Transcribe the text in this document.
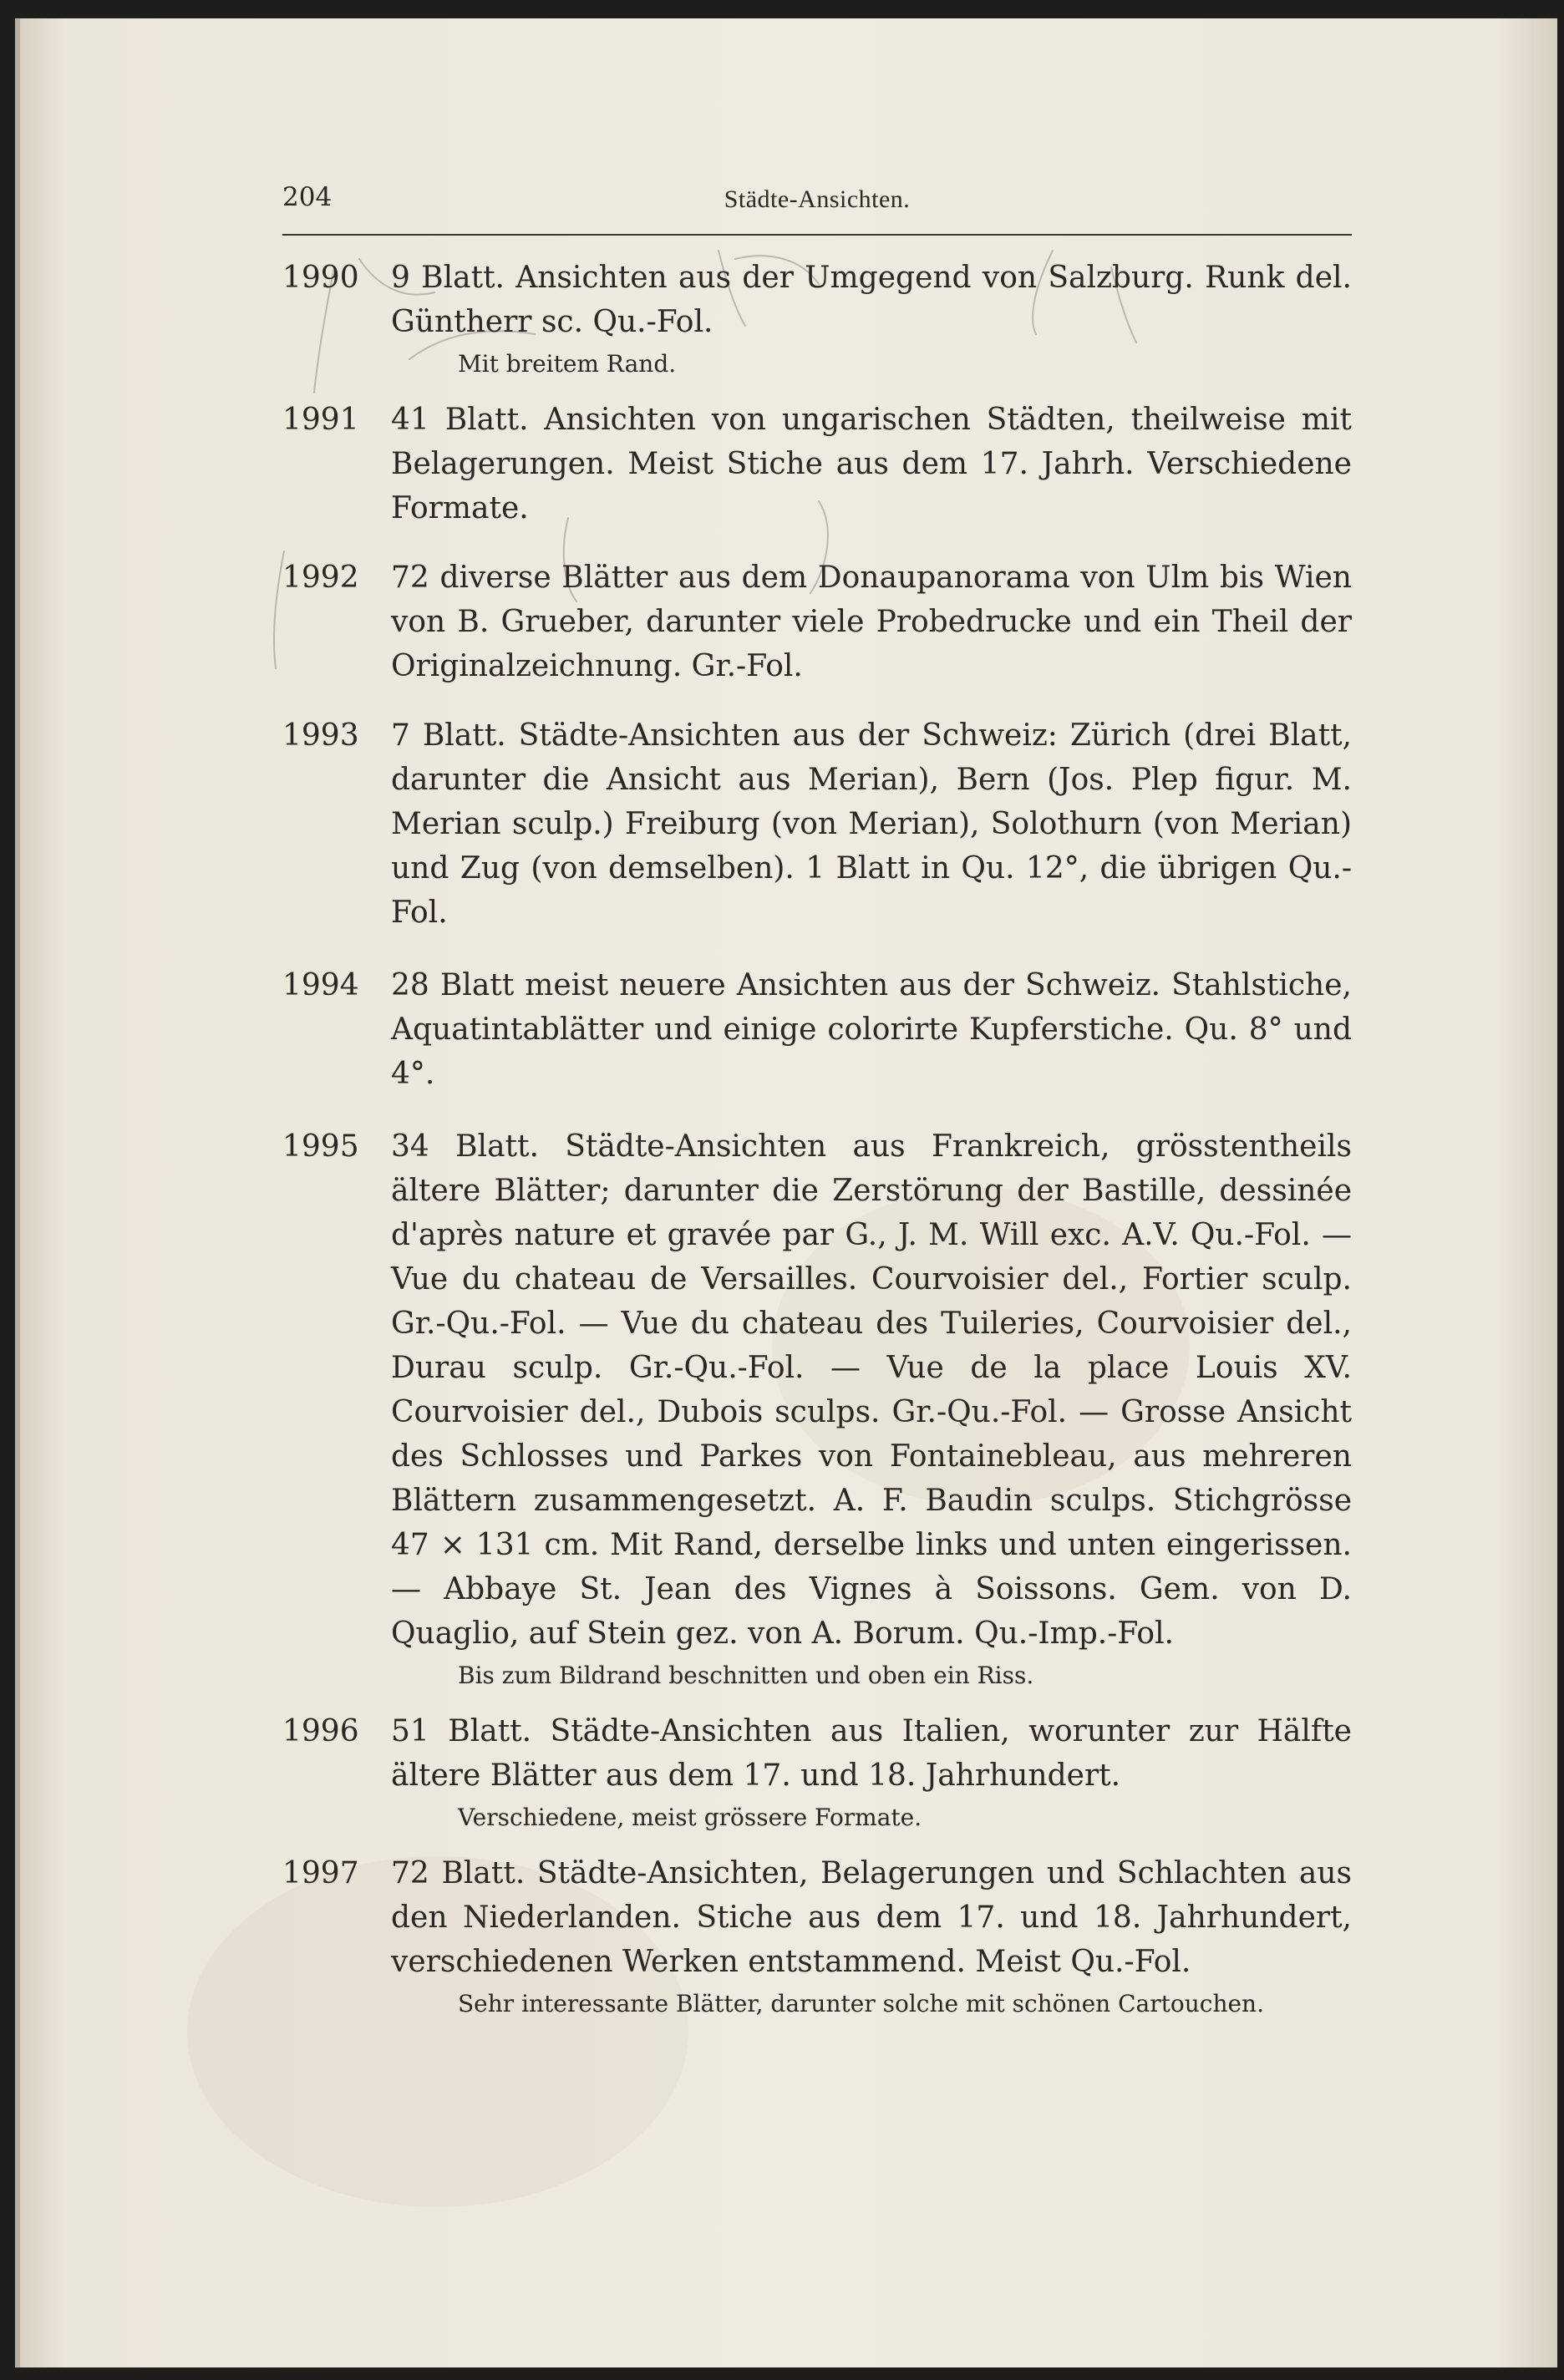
204	Städte-Ansichten.
1990 9 Blatt. Ansichten aus der Umgegend von Salzburg. Runk del. Güntherr sc. Qu.-Fol.
Mit breitem Rand.
1991 41 Blatt. Ansichten von ungarischen Städten, theilweise mit Belagerungen. Meist Stiche aus dem 17. Jahrh. Verschiedene Formate.
1992 72 diverse Blätter aus dem Donaupanorama von Ulm bis Wien von B. Grueber, darunter viele Probedrucke und ein Theil der Originalzeichnung. Gr.-Fol.
1993 7 Blatt. Städte-Ansichten aus der Schweiz: Zürich (drei Blatt, darunter die Ansicht aus Merian), Bern (Jos. Plep figur. M. Merian sculp.) Freiburg (von Merian), Solothurn (von Merian) und Zug (von demselben). 1 Blatt in Qu. 12°, die übrigen Qu.-Fol.
1994 28 Blatt meist neuere Ansichten aus der Schweiz. Stahlstiche, Aquatintablätter und einige colorirte Kupferstiche. Qu. 8° und 4°.
1995 34 Blatt. Städte-Ansichten aus Frankreich, grösstentheils ältere Blätter; darunter die Zerstörung der Bastille, dessinée d'après nature et gravée par G., J. M. Will exc. A.V. Qu.-Fol. — Vue du chateau de Versailles. Courvoisier del., Fortier sculp. Gr.-Qu.-Fol. — Vue du chateau des Tuileries, Courvoisier del., Durau sculp. Gr.-Qu.-Fol. — Vue de la place Louis XV. Courvoisier del., Dubois sculps. Gr.-Qu.-Fol. — Grosse Ansicht des Schlosses und Parkes von Fontainebleau, aus mehreren Blättern zusammengesetzt. A. F. Baudin sculps. Stichgrösse 47 × 131 cm. Mit Rand, derselbe links und unten eingerissen. — Abbaye St. Jean des Vignes à Soissons. Gem. von D. Quaglio, auf Stein gez. von A. Borum. Qu.-Imp.-Fol.
Bis zum Bildrand beschnitten und oben ein Riss.
1996 51 Blatt. Städte-Ansichten aus Italien, worunter zur Hälfte ältere Blätter aus dem 17. und 18. Jahrhundert.
Verschiedene, meist grössere Formate.
1997 72 Blatt. Städte-Ansichten, Belagerungen und Schlachten aus den Niederlanden. Stiche aus dem 17. und 18. Jahrhundert, verschiedenen Werken entstammend. Meist Qu.-Fol.
Sehr interessante Blätter, darunter solche mit schönen Cartouchen.
